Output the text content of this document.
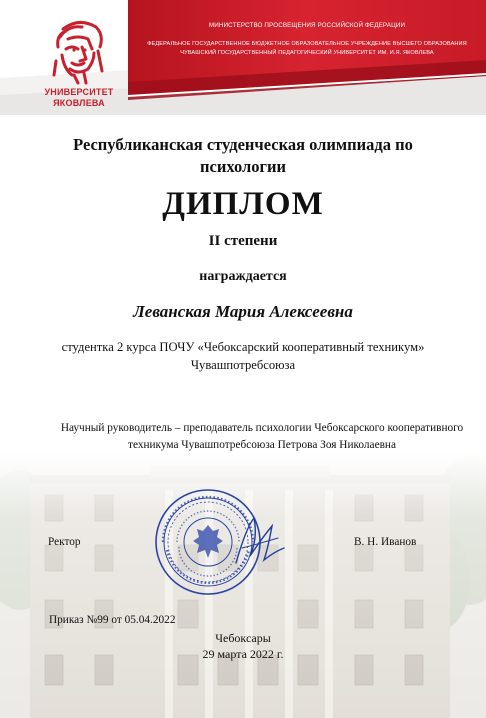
МИНИСТЕРСТВО ПРОСВЕЩЕНИЯ РОССИЙСКОЙ ФЕДЕРАЦИИ
ФЕДЕРАЛЬНОЕ ГОСУДАРСТВЕННОЕ БЮДЖЕТНОЕ ОБРАЗОВАТЕЛЬНОЕ УЧРЕЖДЕНИЕ ВЫСШЕГО ОБРАЗОВАНИЯ
ЧУВАШСКИЙ ГОСУДАРСТВЕННЫЙ ПЕДАГОГИЧЕСКИЙ УНИВЕРСИТЕТ ИМ. И.Я. ЯКОВЛЕВА
УНИВЕРСИТЕТ
ЯКОВЛЕВА
Республиканская студенческая олимпиада по психологии
ДИПЛОМ
II степени
награждается
Леванская Мария Алексеевна
студентка 2 курса ПОЧУ «Чебоксарский кооперативный техникум»
Чувашпотребсоюза
Научный руководитель – преподаватель психологии Чебоксарского кооперативного техникума Чувашпотребсоюза Петрова Зоя Николаевна
Ректор	В. Н. Иванов
Приказ №99 от 05.04.2022
Чебоксары
29 марта 2022 г.
